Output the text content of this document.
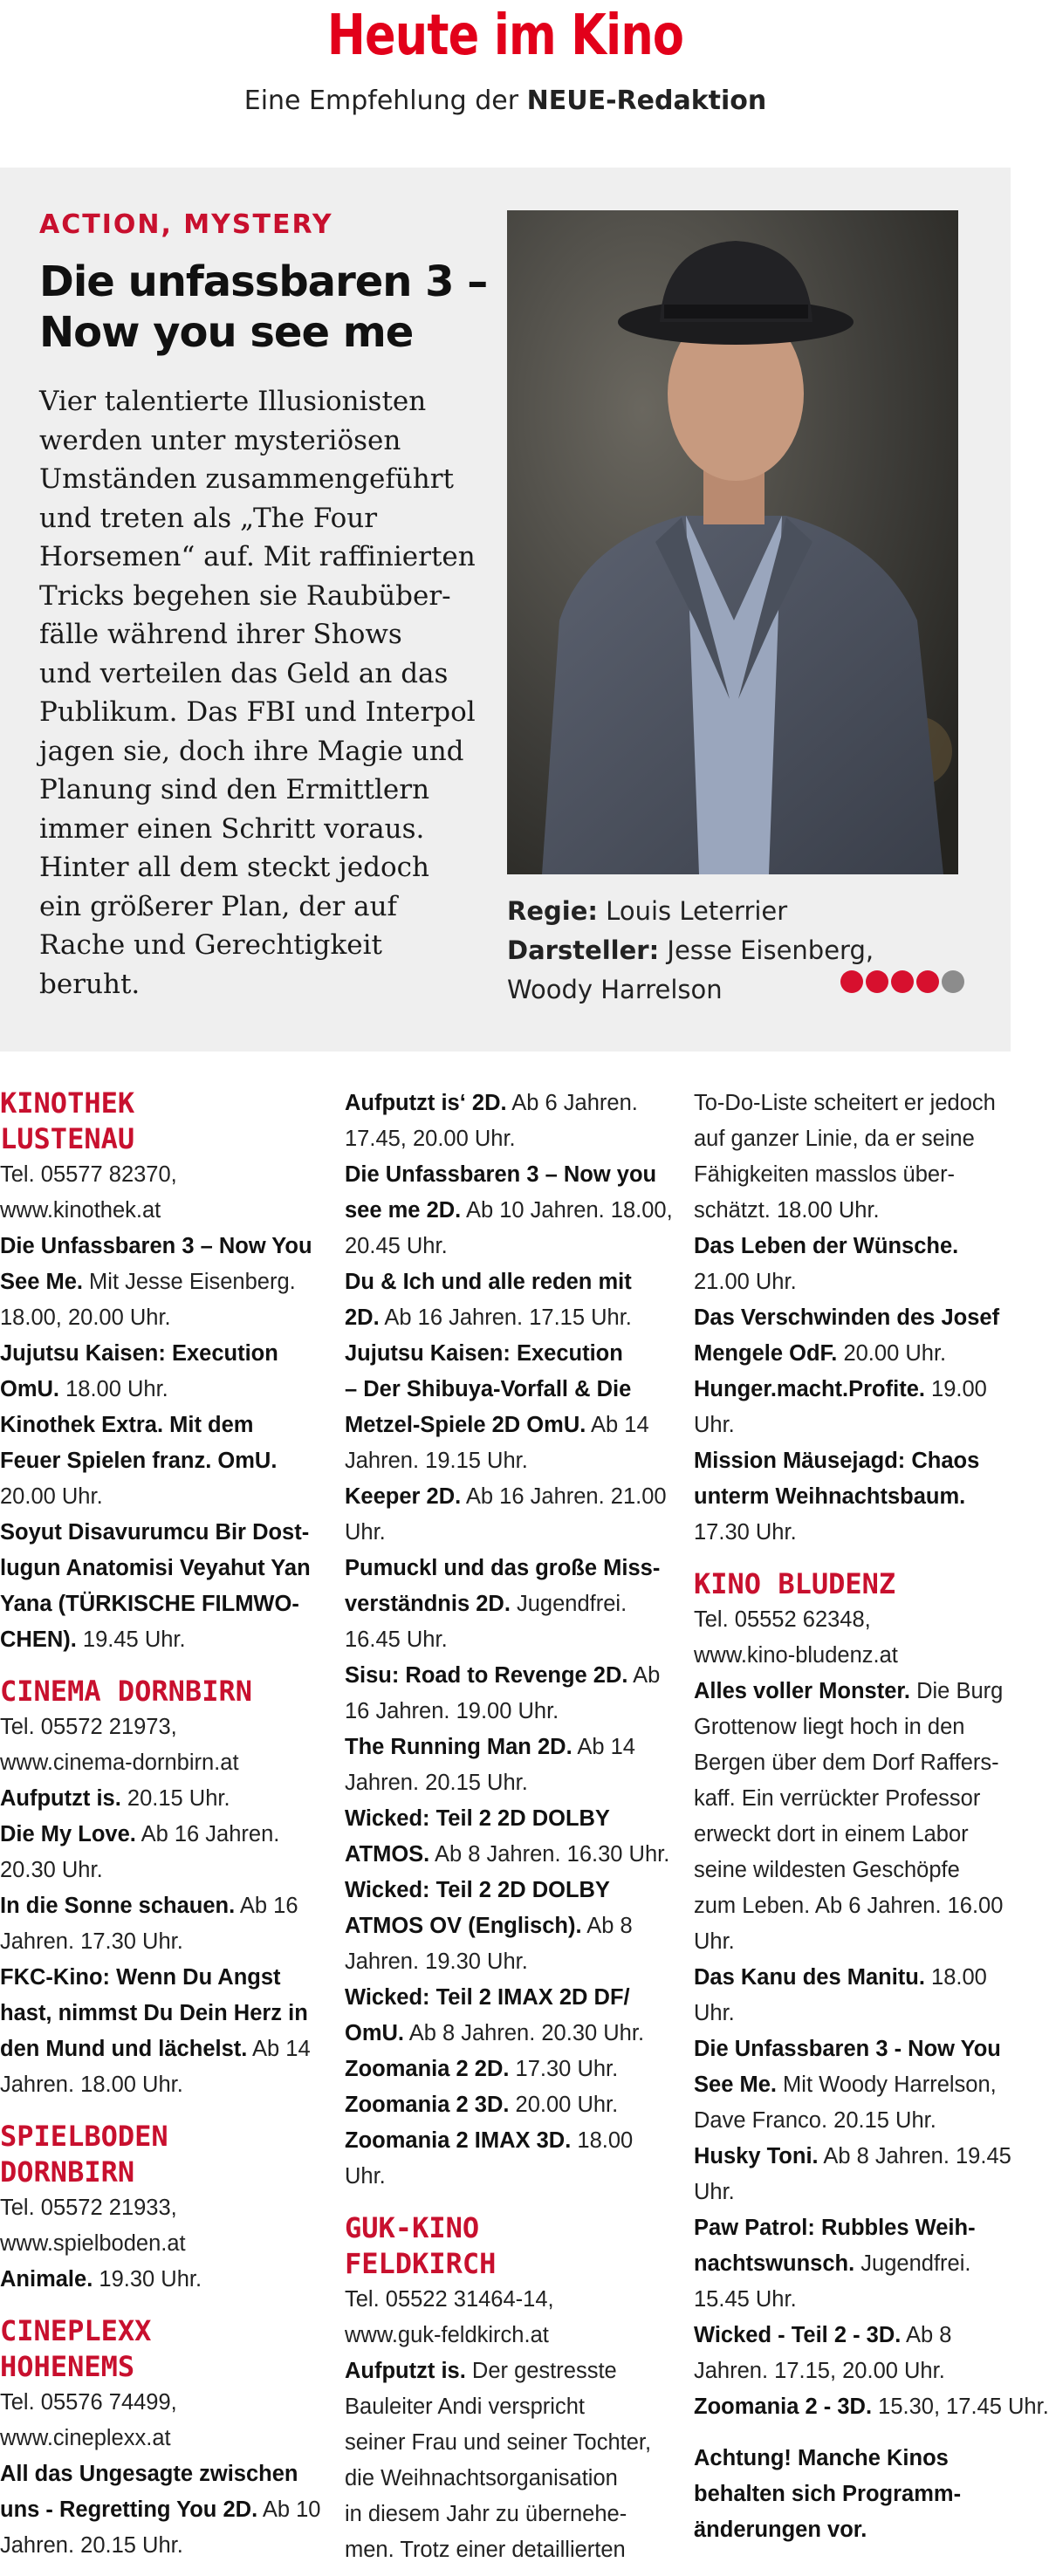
Heute im Kino
Eine Empfehlung der NEUE-Redaktion
ACTION, MYSTERY
Die unfassbaren 3 –
Now you see me
Vier talentierte Illusionisten
werden unter mysteriösen
Umständen zusammengeführt
und treten als „The Four
Horsemen“ auf. Mit raffinierten
Tricks begehen sie Raubüber-
fälle während ihrer Shows
und verteilen das Geld an das
Publikum. Das FBI und Interpol
jagen sie, doch ihre Magie und
Planung sind den Ermittlern
immer einen Schritt voraus.
Hinter all dem steckt jedoch
ein größerer Plan, der auf
Rache und Gerechtigkeit
beruht.
Regie: Louis Leterrier
Darsteller: Jesse Eisenberg,
Woody Harrelson
KINOTHEK
LUSTENAU
Tel. 05577 82370,
www.kinothek.at
Die Unfassbaren 3 – Now You
See Me. Mit Jesse Eisenberg.
18.00, 20.00 Uhr.
Jujutsu Kaisen: Execution
OmU. 18.00 Uhr.
Kinothek Extra. Mit dem
Feuer Spielen franz. OmU.
20.00 Uhr.
Soyut Disavurumcu Bir Dost-
lugun Anatomisi Veyahut Yan
Yana (TÜRKISCHE FILMWO-
CHEN). 19.45 Uhr.
CINEMA DORNBIRN
Tel. 05572 21973,
www.cinema-dornbirn.at
Aufputzt is. 20.15 Uhr.
Die My Love. Ab 16 Jahren.
20.30 Uhr.
In die Sonne schauen. Ab 16
Jahren. 17.30 Uhr.
FKC-Kino: Wenn Du Angst
hast, nimmst Du Dein Herz in
den Mund und lächelst. Ab 14
Jahren. 18.00 Uhr.
SPIELBODEN
DORNBIRN
Tel. 05572 21933,
www.spielboden.at
Animale. 19.30 Uhr.
CINEPLEXX
HOHENEMS
Tel. 05576 74499,
www.cineplexx.at
All das Ungesagte zwischen
uns - Regretting You 2D. Ab 10
Jahren. 20.15 Uhr.
Aufputzt is‘ 2D. Ab 6 Jahren.
17.45, 20.00 Uhr.
Die Unfassbaren 3 – Now you
see me 2D. Ab 10 Jahren. 18.00,
20.45 Uhr.
Du & Ich und alle reden mit
2D. Ab 16 Jahren. 17.15 Uhr.
Jujutsu Kaisen: Execution
– Der Shibuya-Vorfall & Die
Metzel-Spiele 2D OmU. Ab 14
Jahren. 19.15 Uhr.
Keeper 2D. Ab 16 Jahren. 21.00
Uhr.
Pumuckl und das große Miss-
verständnis 2D. Jugendfrei.
16.45 Uhr.
Sisu: Road to Revenge 2D. Ab
16 Jahren. 19.00 Uhr.
The Running Man 2D. Ab 14
Jahren. 20.15 Uhr.
Wicked: Teil 2 2D DOLBY
ATMOS. Ab 8 Jahren. 16.30 Uhr.
Wicked: Teil 2 2D DOLBY
ATMOS OV (Englisch). Ab 8
Jahren. 19.30 Uhr.
Wicked: Teil 2 IMAX 2D DF/
OmU. Ab 8 Jahren. 20.30 Uhr.
Zoomania 2 2D. 17.30 Uhr.
Zoomania 2 3D. 20.00 Uhr.
Zoomania 2 IMAX 3D. 18.00
Uhr.
GUK-KINO
FELDKIRCH
Tel. 05522 31464-14,
www.guk-feldkirch.at
Aufputzt is. Der gestresste
Bauleiter Andi verspricht
seiner Frau und seiner Tochter,
die Weihnachtsorganisation
in diesem Jahr zu übernehe-
men. Trotz einer detaillierten
To-Do-Liste scheitert er jedoch
auf ganzer Linie, da er seine
Fähigkeiten masslos über-
schätzt. 18.00 Uhr.
Das Leben der Wünsche.
21.00 Uhr.
Das Verschwinden des Josef
Mengele OdF. 20.00 Uhr.
Hunger.macht.Profite. 19.00
Uhr.
Mission Mäusejagd: Chaos
unterm Weihnachtsbaum.
17.30 Uhr.
KINO BLUDENZ
Tel. 05552 62348,
www.kino-bludenz.at
Alles voller Monster. Die Burg
Grottenow liegt hoch in den
Bergen über dem Dorf Raffers-
kaff. Ein verrückter Professor
erweckt dort in einem Labor
seine wildesten Geschöpfe
zum Leben. Ab 6 Jahren. 16.00
Uhr.
Das Kanu des Manitu. 18.00
Uhr.
Die Unfassbaren 3 - Now You
See Me. Mit Woody Harrelson,
Dave Franco. 20.15 Uhr.
Husky Toni. Ab 8 Jahren. 19.45
Uhr.
Paw Patrol: Rubbles Weih-
nachtswunsch. Jugendfrei.
15.45 Uhr.
Wicked - Teil 2 - 3D. Ab 8
Jahren. 17.15, 20.00 Uhr.
Zoomania 2 - 3D. 15.30, 17.45 Uhr.
Achtung! Manche Kinos
behalten sich Programm-
änderungen vor.
